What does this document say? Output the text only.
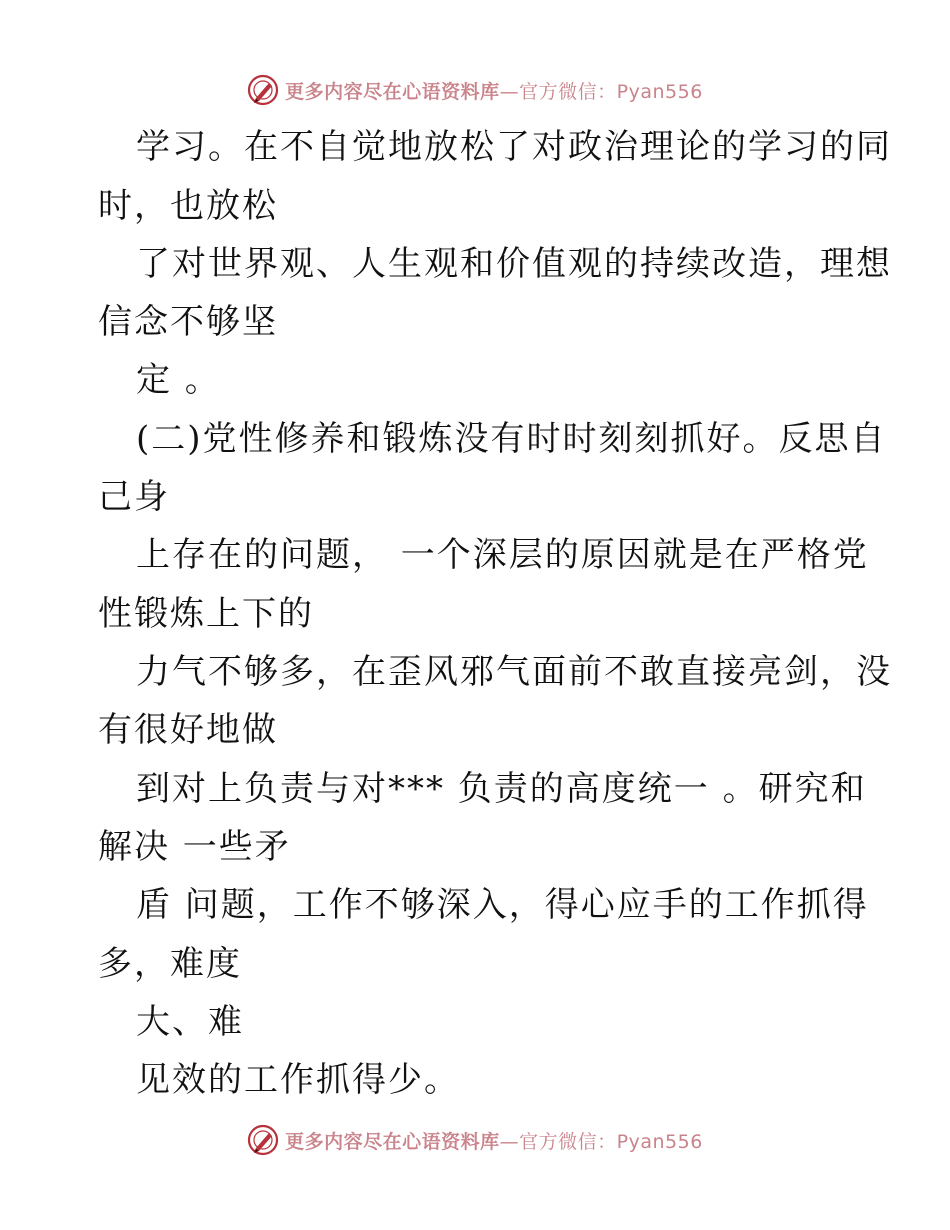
更多内容尽在心语资料库—官方微信：Pyan556
学习。在不自觉地放松了对政治理论的学习的同
时，也放松
了对世界观、人生观和价值观的持续改造，理想
信念不够坚
定 。
(二)党性修养和锻炼没有时时刻刻抓好。反思自
己身
上存在的问题， 一个深层的原因就是在严格党
性锻炼上下的
力气不够多，在歪风邪气面前不敢直接亮剑，没
有很好地做
到对上负责与对*** 负责的高度统一 。研究和
解决 一些矛
盾 问题，工作不够深入，得心应手的工作抓得
多，难度
大、难
见效的工作抓得少。
更多内容尽在心语资料库—官方微信：Pyan556
